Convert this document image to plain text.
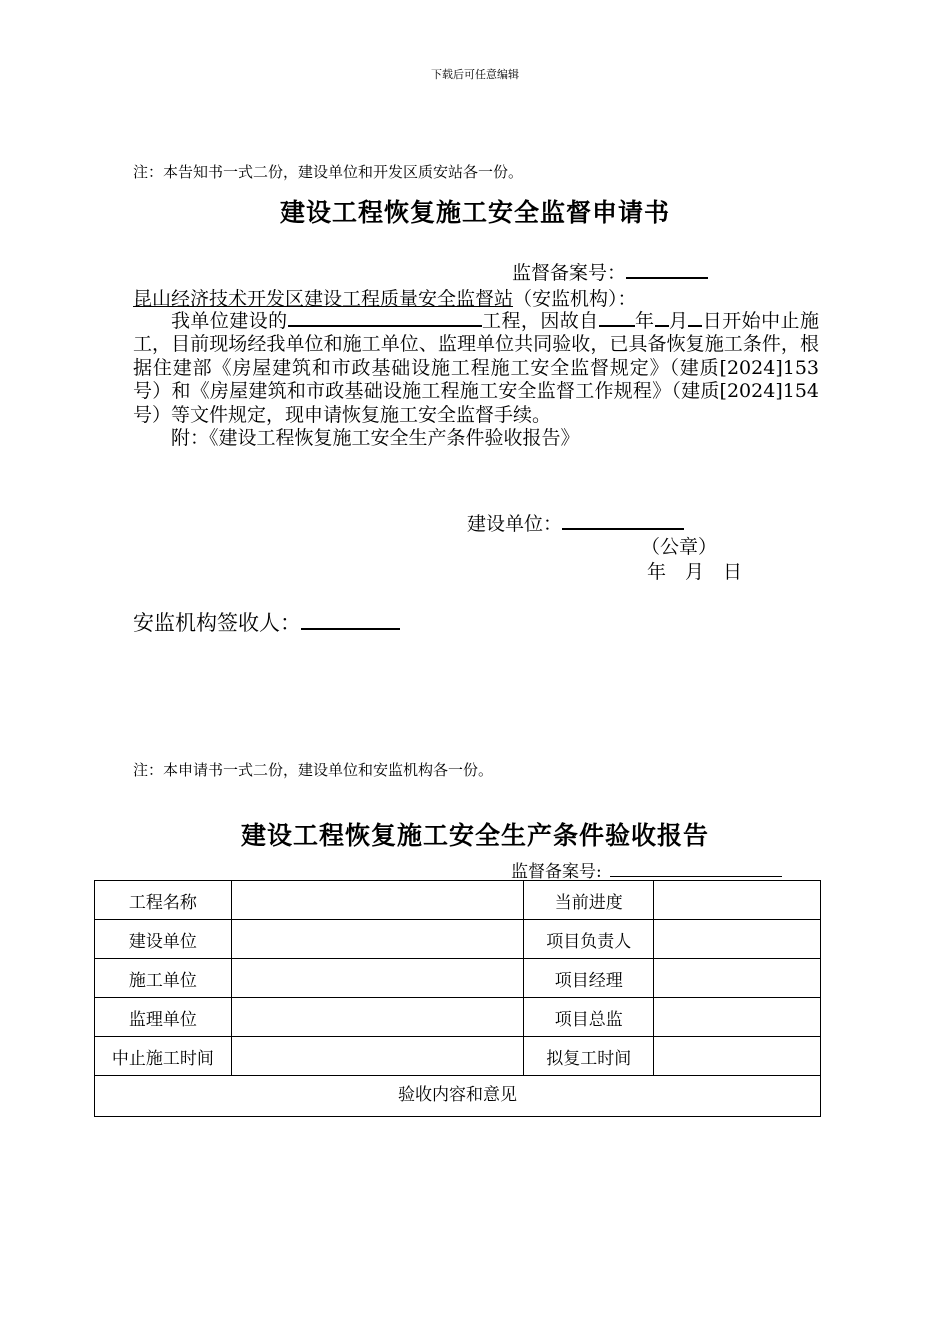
下载后可任意编辑
注：本告知书一式二份，建设单位和开发区质安站各一份。
建设工程恢复施工安全监督申请书
监督备案号：
昆山经济技术开发区建设工程质量安全监督站（安监机构）：

我单位建设的	工程，因故自 年 月 日开始中止施工，目前现场经我单位和施工单位、监理单位共同验收，已具备恢复施工条件，根据住建部《房屋建筑和市政基础设施工程施工安全监督规定》（建质[2024]153号）和《房屋建筑和市政基础设施工程施工安全监督工作规程》（建质[2024]154号）等文件规定，现申请恢复施工安全监督手续。

附：《建设工程恢复施工安全生产条件验收报告》

建设单位：
（公章）
年　月　日
安监机构签收人：
注：本申请书一式二份，建设单位和安监机构各一份。
建设工程恢复施工安全生产条件验收报告
监督备案号:
工程名称		当前进度	
建设单位		项目负责人	
施工单位		项目经理	
监理单位		项目总监	
中止施工时间		拟复工时间	
验收内容和意见			
